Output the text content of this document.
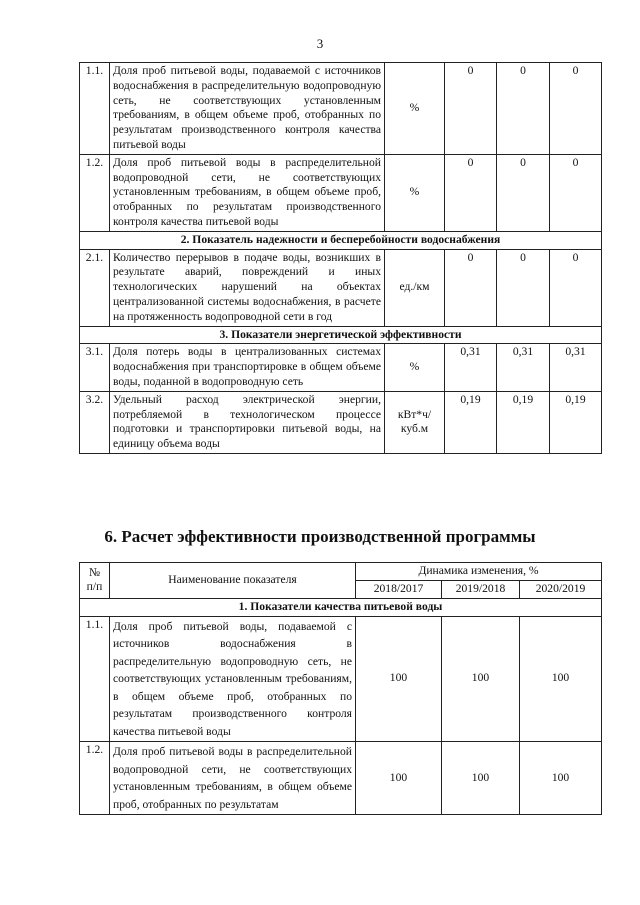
3
1.1.	Доля проб питьевой воды, подаваемой с источников водоснабжения в распределительную водопроводную сеть, не соответствующих установленным требованиям, в общем объеме проб, отобранных по результатам производственного контроля качества питьевой воды	%	0	0	0
1.2.	Доля проб питьевой воды в распределительной водопроводной сети, не соответствующих установленным требованиям, в общем объеме проб, отобранных по результатам производственного контроля качества питьевой воды	%	0	0	0
2. Показатель надежности и бесперебойности водоснабжения					
2.1.	Количество перерывов в подаче воды, возникших в результате аварий, повреждений и иных технологических нарушений на объектах централизованной системы водоснабжения, в расчете на протяженность водопроводной сети в год	ед./км	0	0	0
3. Показатели энергетической эффективности					
3.1.	Доля потерь воды в централизованных системах водоснабжения при транспортировке в общем объеме воды, поданной в водопроводную сеть	%	0,31	0,31	0,31
3.2.	Удельный расход электрической энергии, потребляемой в технологическом процессе подготовки и транспортировки питьевой воды, на единицу объема воды	кВт*ч/ куб.м	0,19	0,19	0,19
6. Расчет эффективности производственной программы
№ п/п	Наименование показателя	Динамика изменения, %		
		2018/2017	2019/2018	2020/2019
1. Показатели качества питьевой воды				
1.1.	Доля проб питьевой воды, подаваемой с источников водоснабжения в распределительную водопроводную сеть, не соответствующих установленным требованиям, в общем объеме проб, отобранных по результатам производственного контроля качества питьевой воды	100	100	100
1.2.	Доля проб питьевой воды в распределительной водопроводной сети, не соответствующих установленным требованиям, в общем объеме проб, отобранных по результатам	100	100	100
